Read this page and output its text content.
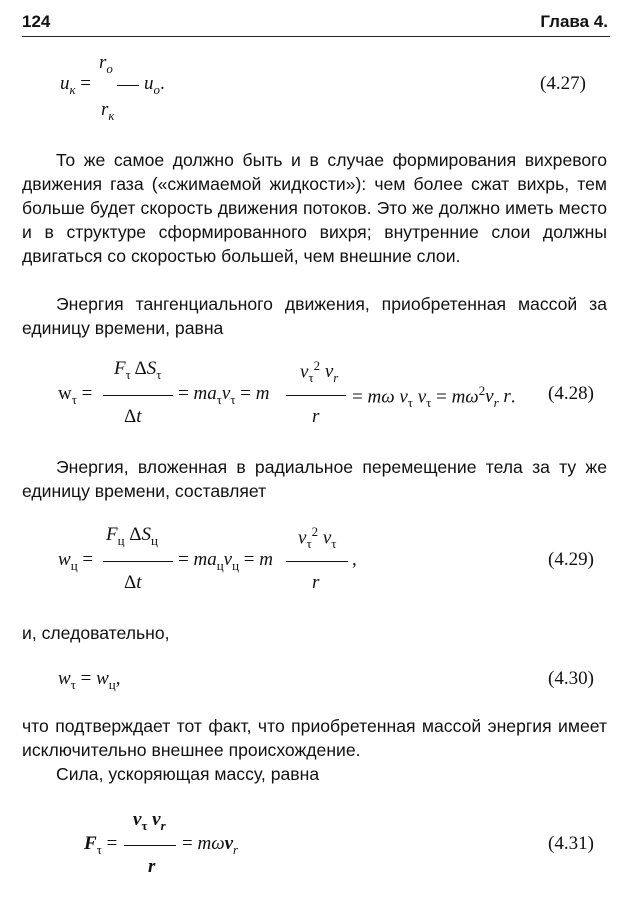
124	Глава 4.
$r_о$
$u_к$ =	$u_о$.
$r_к$
(4.27)

То же самое должно быть и в случае формирования вихревого движения газа («сжимаемой жидкости»): чем более сжат вихрь, тем больше будет скорость движения потоков. Это же должно иметь место и в структуре сформированного вихря; внутренние слои должны двигаться со скоростью большей, чем внешние слои.

Энергия тангенциального движения, приобретенная массой за единицу времени, равна

$w_\tau$ =
$F_\tau$ $\Delta S_\tau$
Δt
= $ma_\tau v_\tau = m$
$v_\tau^2$ $v_r$
r
= mω $v_\tau$ $v_\tau = m\omega^2v_r$ r. (4.28)

Энергия, вложенная в радиальное перемещение тела за ту же единицу времени, составляет

$w_ц$ =
$F_ц$ $\Delta S_ц$
Δt
= $ma_цv_ц = m$
$v_\tau^2$ $v_\tau$
r
,	(4.29)

и, следовательно,

$w_\tau = w_ц$,	(4.30)

что подтверждает тот факт, что приобретенная массой энергия имеет исключительно внешнее происхождение.

Сила, ускоряющая массу, равна

$v_\tau$ $v_r$
$F_\tau$ =	= mωv$_r$
r
(4.31)
